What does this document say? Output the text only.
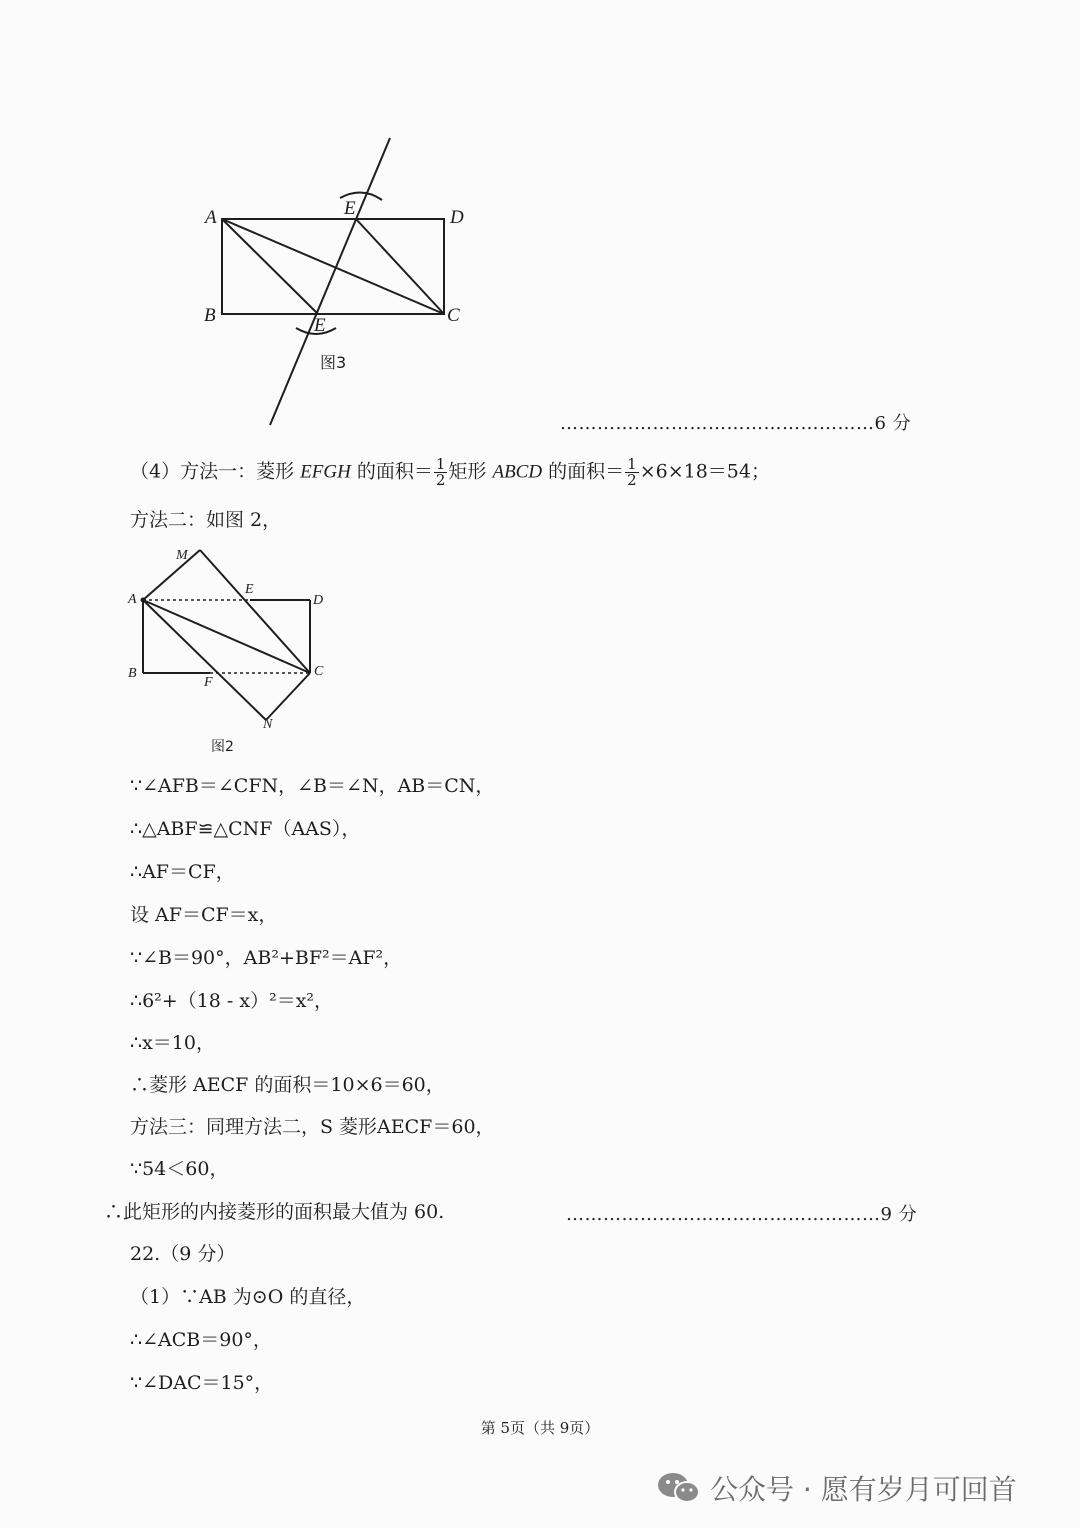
A	E	D
B	E	C
图3
……………………………………………6 分
（4）方法一：菱形 EFGH 的面积＝ $\frac{1}{2}$ 矩形 ABCD 的面积＝ $\frac{1}{2} \times 6\times 18=54$；
方法二：如图 2，
M
A
E
D
B
F
C
N
图2
∵∠AFB＝∠CFN，∠B＝∠N，AB＝CN，
∴△ABF≌△CNF（AAS），
∴AF＝CF，
设 AF＝CF＝x，
∵∠B＝90°，AB²+BF²＝AF²，
∴6²+（18 - x）²＝x²，
∴x＝10，
∴菱形 AECF 的面积＝10×6＝60，
方法三：同理方法二，S 菱形AECF＝60，
∵54＜60，
∴此矩形的内接菱形的面积最大值为 60.	……………………………………………9 分
22.（9 分）
（1）∵AB 为⊙O 的直径，
∴∠ACB＝90°，
∵∠DAC＝15°，
第 5页（共 9页）
公众号 · 愿有岁月可回首
